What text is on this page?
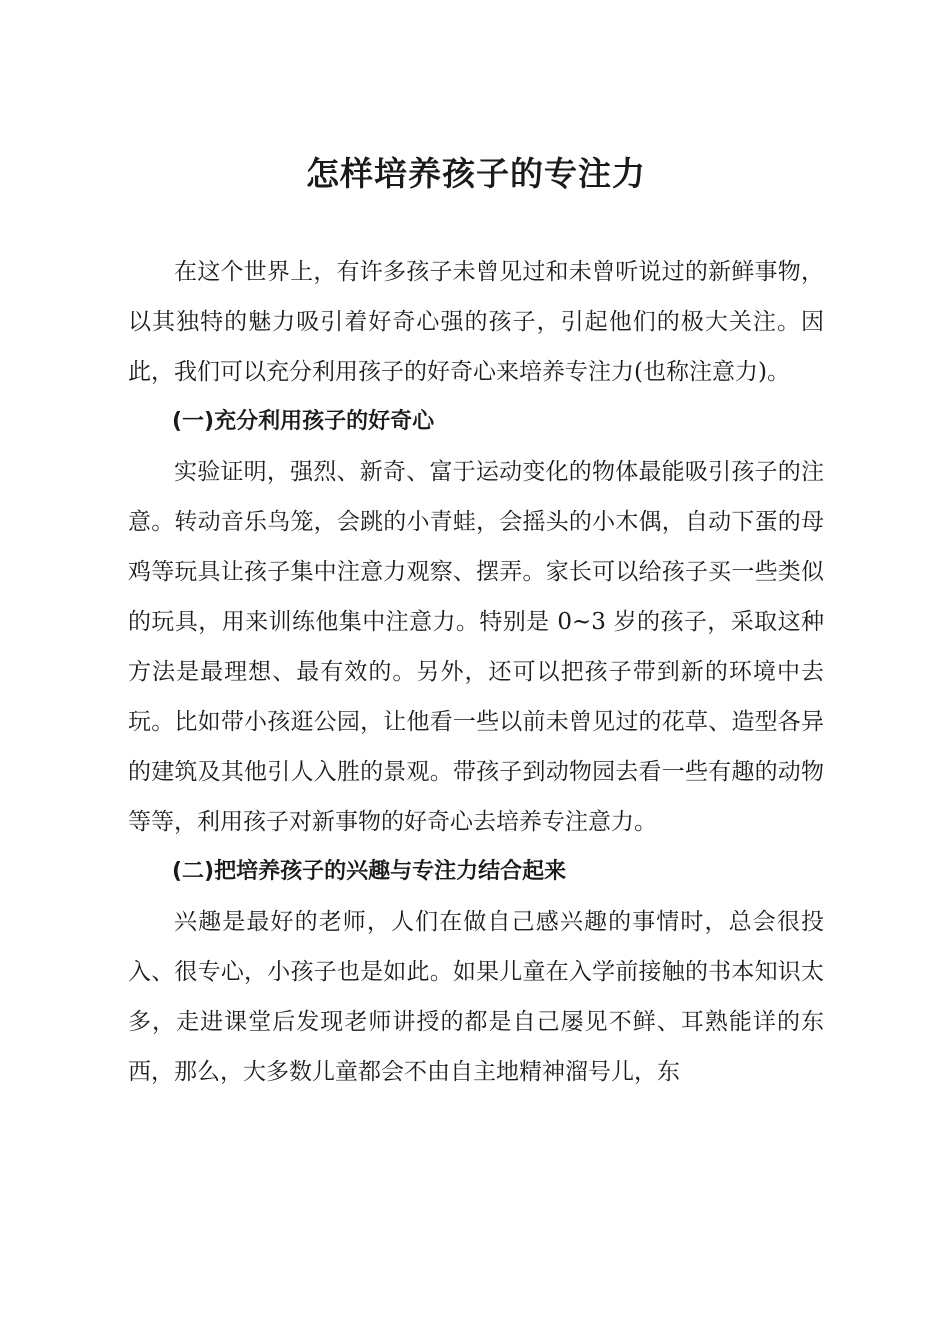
怎样培养孩子的专注力

在这个世界上，有许多孩子未曾见过和未曾听说过的新鲜事物，以其独特的魅力吸引着好奇心强的孩子，引起他们的极大关注。因此，我们可以充分利用孩子的好奇心来培养专注力(也称注意力)。

(一)充分利用孩子的好奇心

实验证明，强烈、新奇、富于运动变化的物体最能吸引孩子的注意。转动音乐鸟笼，会跳的小青蛙，会摇头的小木偶，自动下蛋的母鸡等玩具让孩子集中注意力观察、摆弄。家长可以给孩子买一些类似的玩具，用来训练他集中注意力。特别是 0~3 岁的孩子，采取这种方法是最理想、最有效的。另外，还可以把孩子带到新的环境中去玩。比如带小孩逛公园，让他看一些以前未曾见过的花草、造型各异的建筑及其他引人入胜的景观。带孩子到动物园去看一些有趣的动物等等，利用孩子对新事物的好奇心去培养专注意力。

(二)把培养孩子的兴趣与专注力结合起来

兴趣是最好的老师，人们在做自己感兴趣的事情时，总会很投入、很专心，小孩子也是如此。如果儿童在入学前接触的书本知识太多，走进课堂后发现老师讲授的都是自己屡见不鲜、耳熟能详的东西，那么，大多数儿童都会不由自主地精神溜号儿，东
